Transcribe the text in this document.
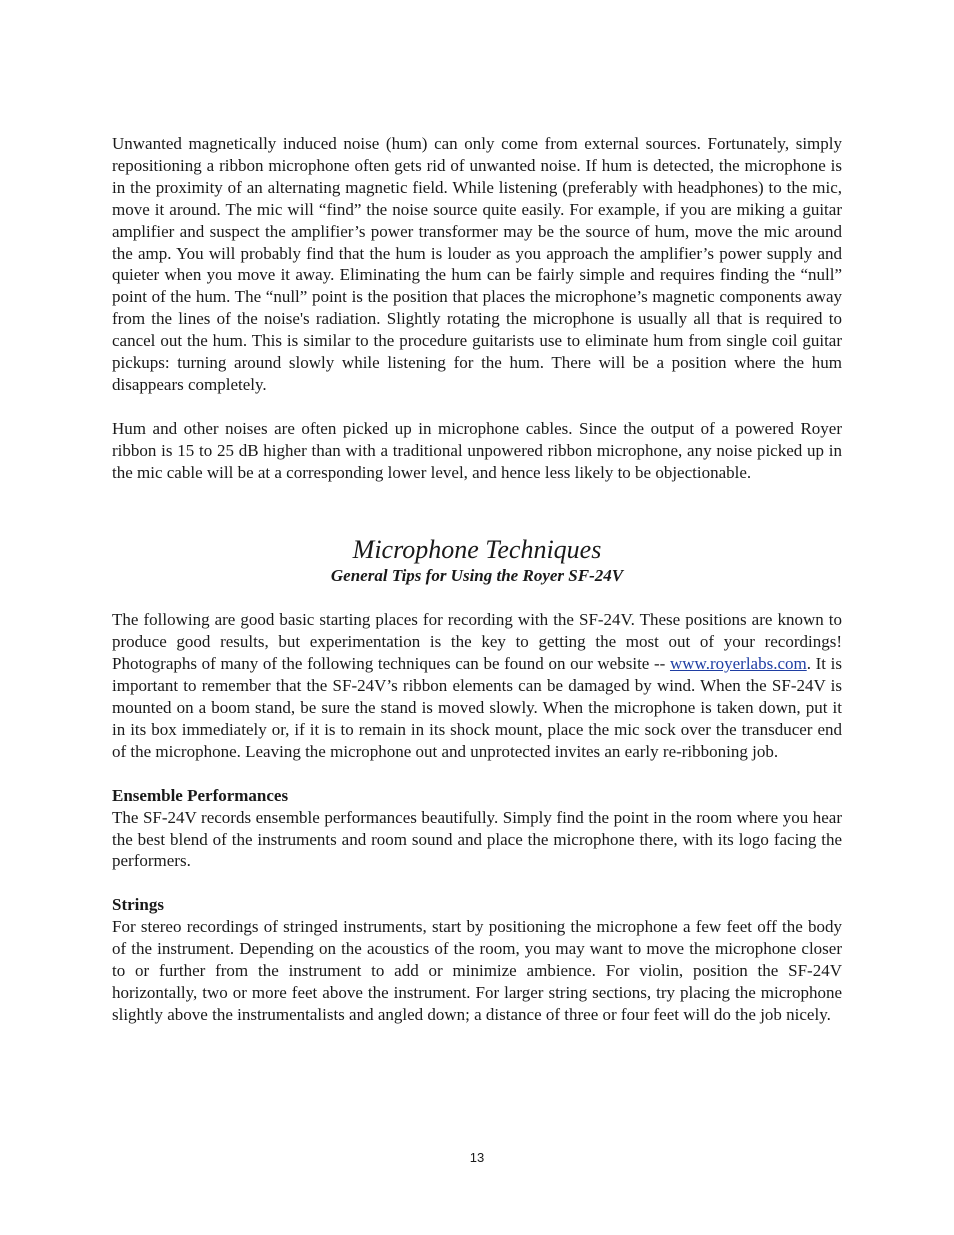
Unwanted magnetically induced noise (hum) can only come from external sources. Fortunately, simply repositioning a ribbon microphone often gets rid of unwanted noise. If hum is detected, the microphone is in the proximity of an alternating magnetic field. While listening (preferably with headphones) to the mic, move it around. The mic will “find” the noise source quite easily. For example, if you are miking a guitar amplifier and suspect the amplifier’s power transformer may be the source of hum, move the mic around the amp. You will probably find that the hum is louder as you approach the amplifier’s power supply and quieter when you move it away. Eliminating the hum can be fairly simple and requires finding the “null” point of the hum. The “null” point is the position that places the microphone’s magnetic components away from the lines of the noise's radiation. Slightly rotating the microphone is usually all that is required to cancel out the hum. This is similar to the procedure guitarists use to eliminate hum from single coil guitar pickups: turning around slowly while listening for the hum. There will be a position where the hum disappears completely.

Hum and other noises are often picked up in microphone cables. Since the output of a powered Royer ribbon is 15 to 25 dB higher than with a traditional unpowered ribbon microphone, any noise picked up in the mic cable will be at a corresponding lower level, and hence less likely to be objectionable.

Microphone Techniques
General Tips for Using the Royer SF-24V

The following are good basic starting places for recording with the SF-24V. These positions are known to produce good results, but experimentation is the key to getting the most out of your recordings! Photographs of many of the following techniques can be found on our website -- www.royerlabs.com. It is important to remember that the SF-24V’s ribbon elements can be damaged by wind. When the SF-24V is mounted on a boom stand, be sure the stand is moved slowly. When the microphone is taken down, put it in its box immediately or, if it is to remain in its shock mount, place the mic sock over the transducer end of the microphone. Leaving the microphone out and unprotected invites an early re-ribboning job.

Ensemble Performances

The SF-24V records ensemble performances beautifully. Simply find the point in the room where you hear the best blend of the instruments and room sound and place the microphone there, with its logo facing the performers.

Strings

For stereo recordings of stringed instruments, start by positioning the microphone a few feet off the body of the instrument. Depending on the acoustics of the room, you may want to move the microphone closer to or further from the instrument to add or minimize ambience. For violin, position the SF-24V horizontally, two or more feet above the instrument. For larger string sections, try placing the microphone slightly above the instrumentalists and angled down; a distance of three or four feet will do the job nicely.

13
